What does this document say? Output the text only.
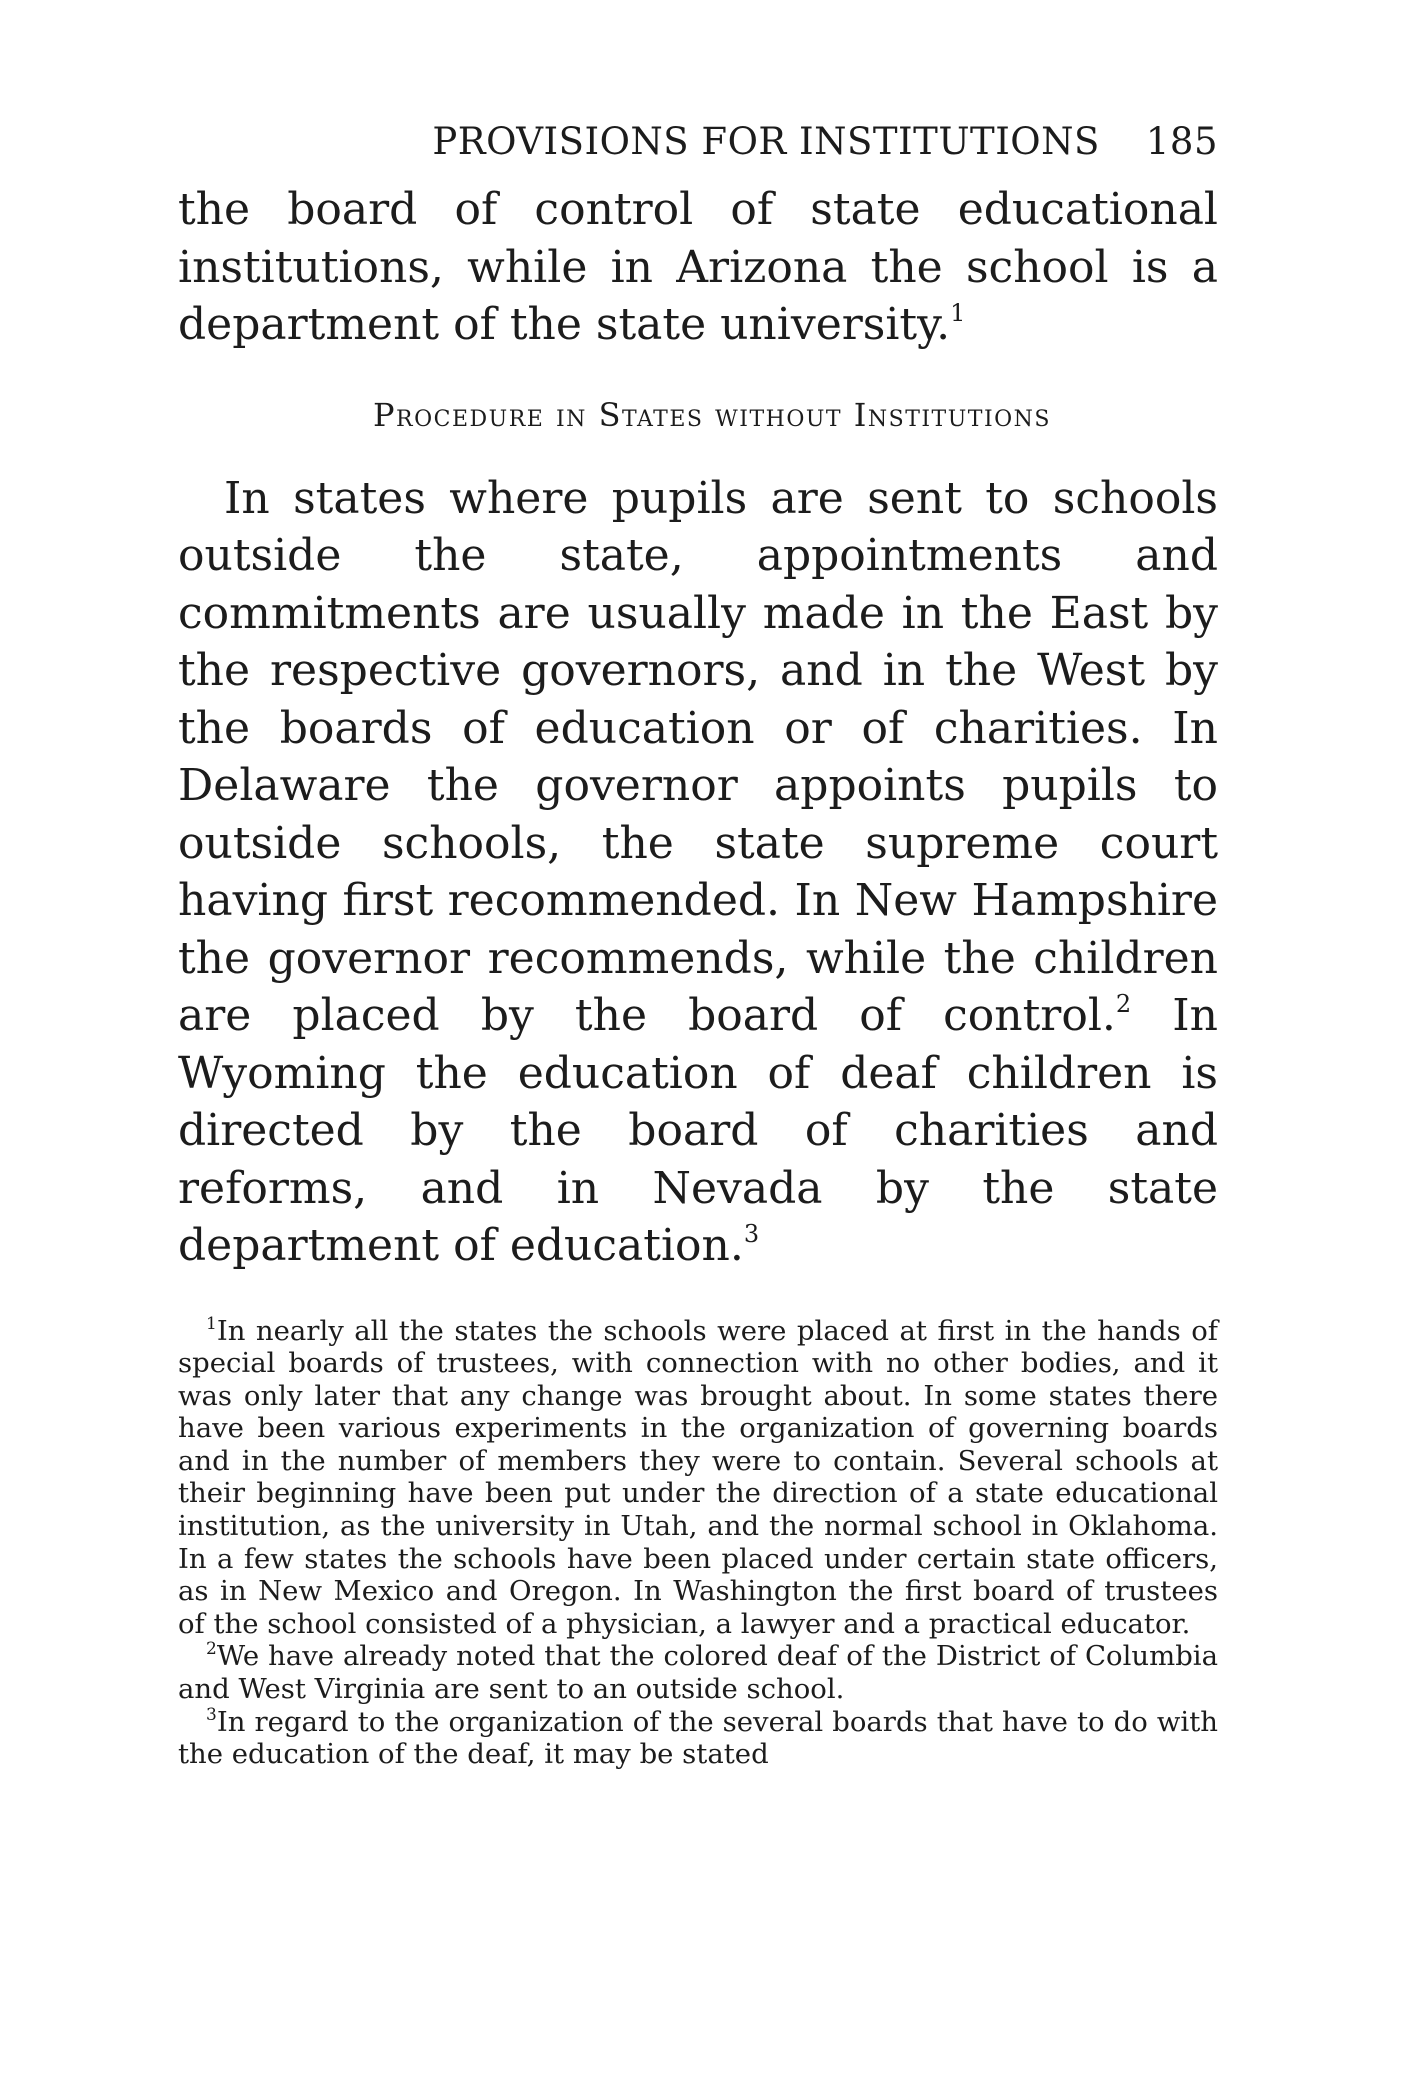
PROVISIONS FOR INSTITUTIONS 185

the board of control of state educational institutions, while in Arizona the school is a department of the state university.$^1$

Procedure in States without Institutions

In states where pupils are sent to schools outside the state, appointments and commitments are usually made in the East by the respective governors, and in the West by the boards of education or of charities. In Delaware the governor appoints pupils to outside schools, the state supreme court having first recommended. In New Hampshire the governor recommends, while the children are placed by the board of control.$^2$ In Wyoming the education of deaf children is directed by the board of charities and reforms, and in Nevada by the state department of education.$^3$

$^1$In nearly all the states the schools were placed at first in the hands of special boards of trustees, with connection with no other bodies, and it was only later that any change was brought about. In some states there have been various experiments in the organization of governing boards and in the number of members they were to contain. Several schools at their beginning have been put under the direction of a state educational institution, as the university in Utah, and the normal school in Oklahoma. In a few states the schools have been placed under certain state officers, as in New Mexico and Oregon. In Washington the first board of trustees of the school consisted of a physician, a lawyer and a practical educator.

$^2$We have already noted that the colored deaf of the District of Columbia and West Virginia are sent to an outside school.

$^3$In regard to the organization of the several boards that have to do with the education of the deaf, it may be stated
